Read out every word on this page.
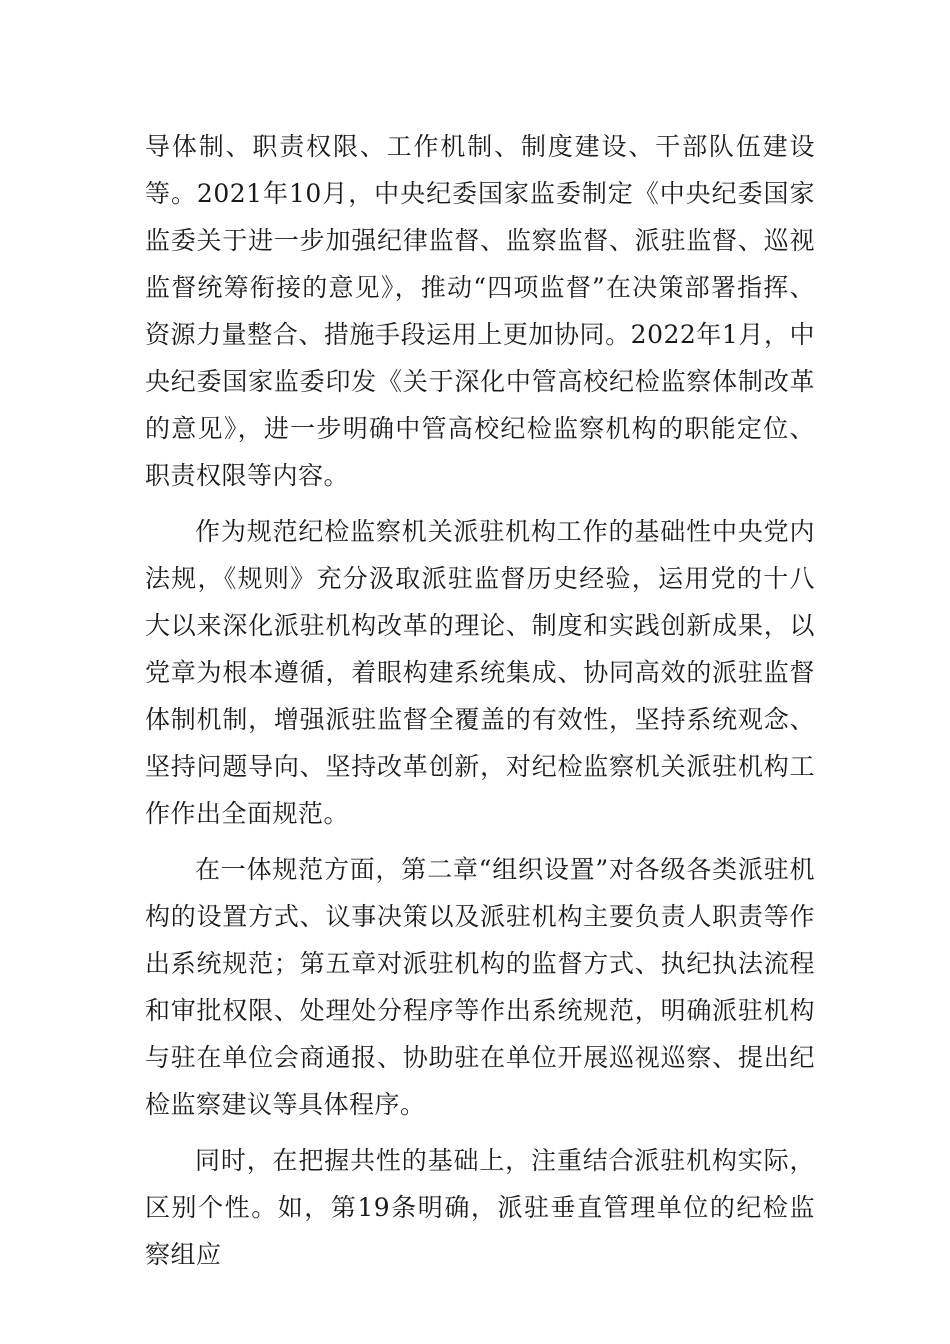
导体制、职责权限、工作机制、制度建设、干部队伍建设等。2021年10月，中央纪委国家监委制定《中央纪委国家监委关于进一步加强纪律监督、监察监督、派驻监督、巡视监督统筹衔接的意见》，推动“四项监督”在决策部署指挥、资源力量整合、措施手段运用上更加协同。2022年1月，中央纪委国家监委印发《关于深化中管高校纪检监察体制改革的意见》，进一步明确中管高校纪检监察机构的职能定位、职责权限等内容。

作为规范纪检监察机关派驻机构工作的基础性中央党内法规，《规则》充分汲取派驻监督历史经验，运用党的十八大以来深化派驻机构改革的理论、制度和实践创新成果，以党章为根本遵循，着眼构建系统集成、协同高效的派驻监督体制机制，增强派驻监督全覆盖的有效性，坚持系统观念、坚持问题导向、坚持改革创新，对纪检监察机关派驻机构工作作出全面规范。

在一体规范方面，第二章“组织设置”对各级各类派驻机构的设置方式、议事决策以及派驻机构主要负责人职责等作出系统规范；第五章对派驻机构的监督方式、执纪执法流程和审批权限、处理处分程序等作出系统规范，明确派驻机构与驻在单位会商通报、协助驻在单位开展巡视巡察、提出纪检监察建议等具体程序。

同时，在把握共性的基础上，注重结合派驻机构实际，区别个性。如，第19条明确，派驻垂直管理单位的纪检监察组应
